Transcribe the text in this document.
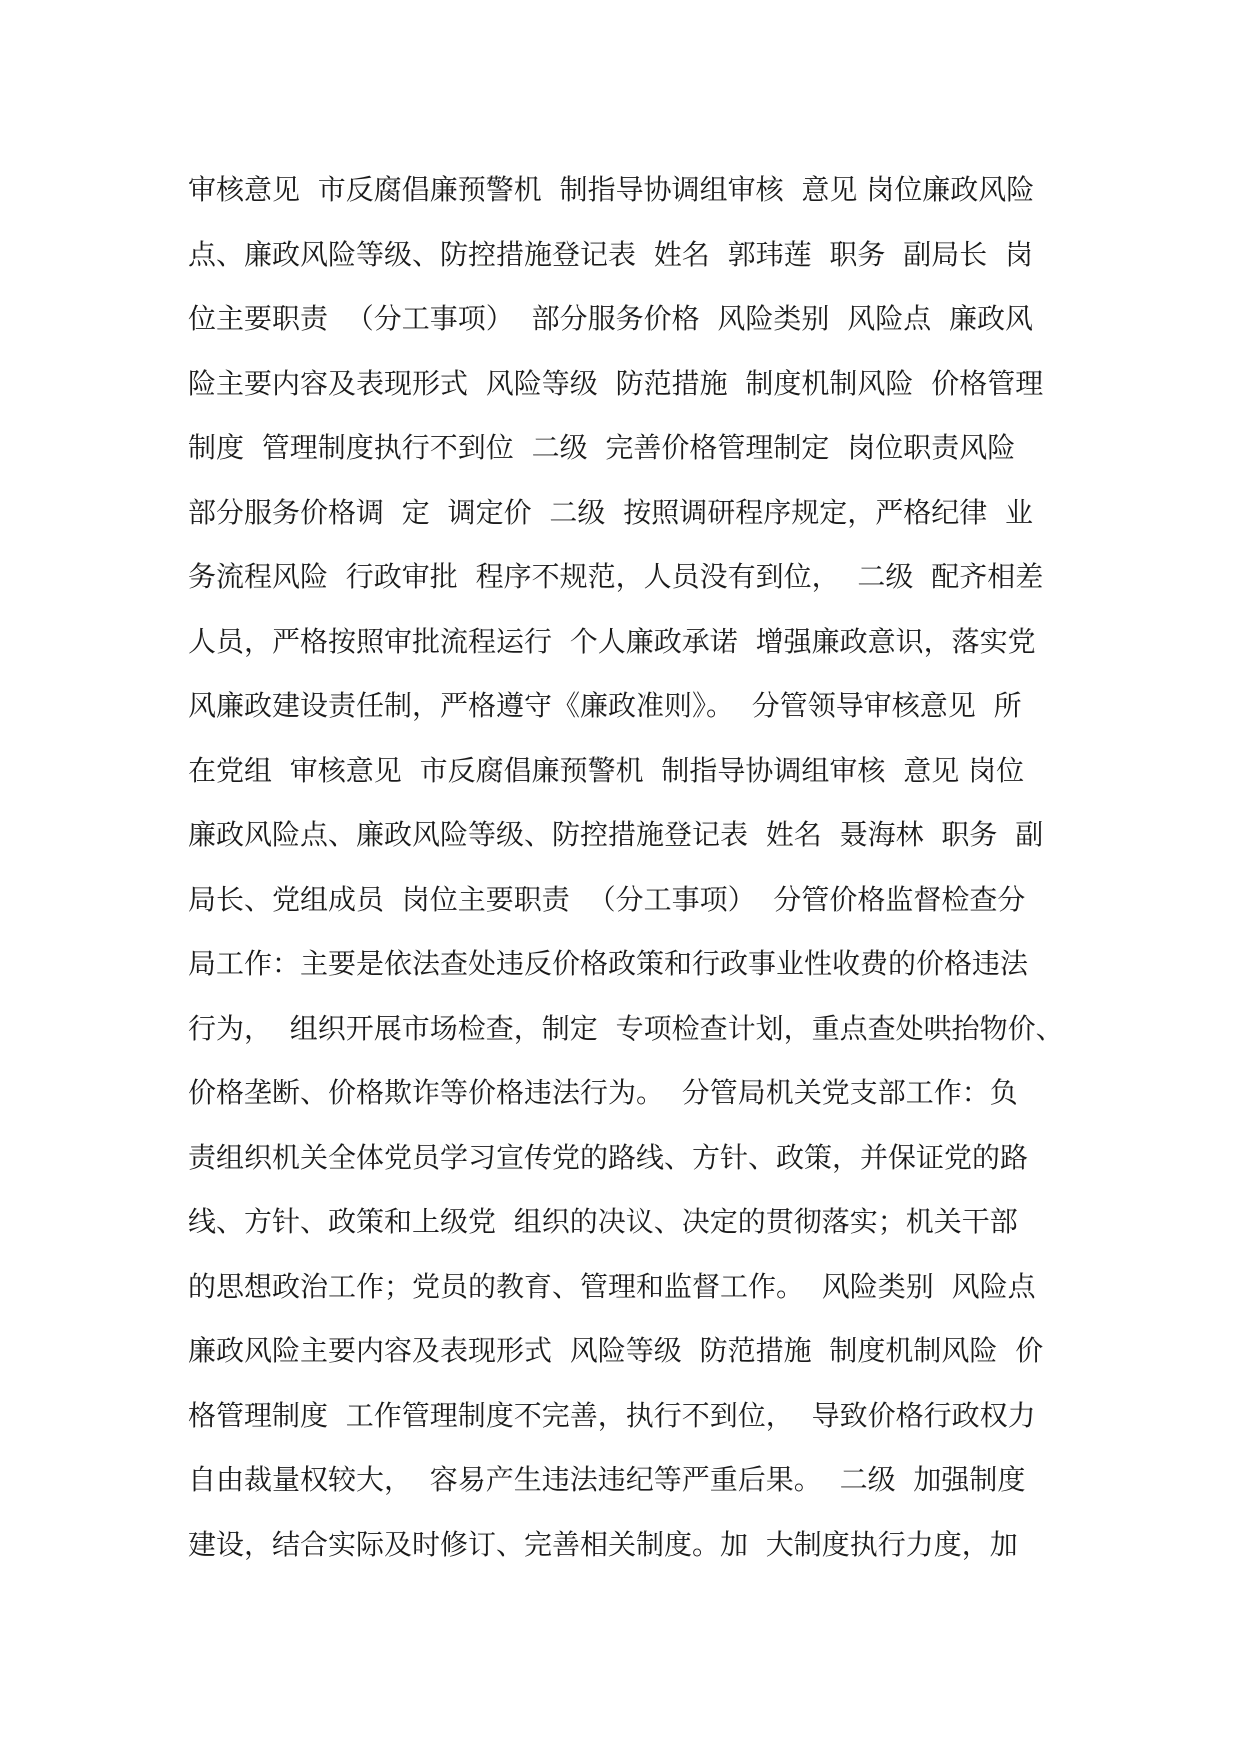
审核意见  市反腐倡廉预警机  制指导协调组审核  意见 岗位廉政风险
点、廉政风险等级、防控措施登记表  姓名  郭玮莲  职务  副局长  岗
位主要职责  （分工事项）  部分服务价格  风险类别  风险点  廉政风
险主要内容及表现形式  风险等级  防范措施  制度机制风险  价格管理
制度  管理制度执行不到位  二级  完善价格管理制定  岗位职责风险
部分服务价格调  定  调定价  二级  按照调研程序规定，严格纪律  业
务流程风险  行政审批  程序不规范，人员没有到位，  二级  配齐相差
人员，严格按照审批流程运行  个人廉政承诺  增强廉政意识，落实党
风廉政建设责任制，严格遵守《廉政准则》。  分管领导审核意见  所
在党组  审核意见  市反腐倡廉预警机  制指导协调组审核  意见 岗位
廉政风险点、廉政风险等级、防控措施登记表  姓名  聂海林  职务  副
局长、党组成员  岗位主要职责  （分工事项）  分管价格监督检查分
局工作：主要是依法查处违反价格政策和行政事业性收费的价格违法
行为，  组织开展市场检查，制定  专项检查计划，重点查处哄抬物价、
价格垄断、价格欺诈等价格违法行为。  分管局机关党支部工作：负
责组织机关全体党员学习宣传党的路线、方针、政策，并保证党的路
线、方针、政策和上级党  组织的决议、决定的贯彻落实；机关干部
的思想政治工作；党员的教育、管理和监督工作。  风险类别  风险点
廉政风险主要内容及表现形式  风险等级  防范措施  制度机制风险  价
格管理制度  工作管理制度不完善，执行不到位，  导致价格行政权力
自由裁量权较大，  容易产生违法违纪等严重后果。  二级  加强制度
建设，结合实际及时修订、完善相关制度。加  大制度执行力度，加
